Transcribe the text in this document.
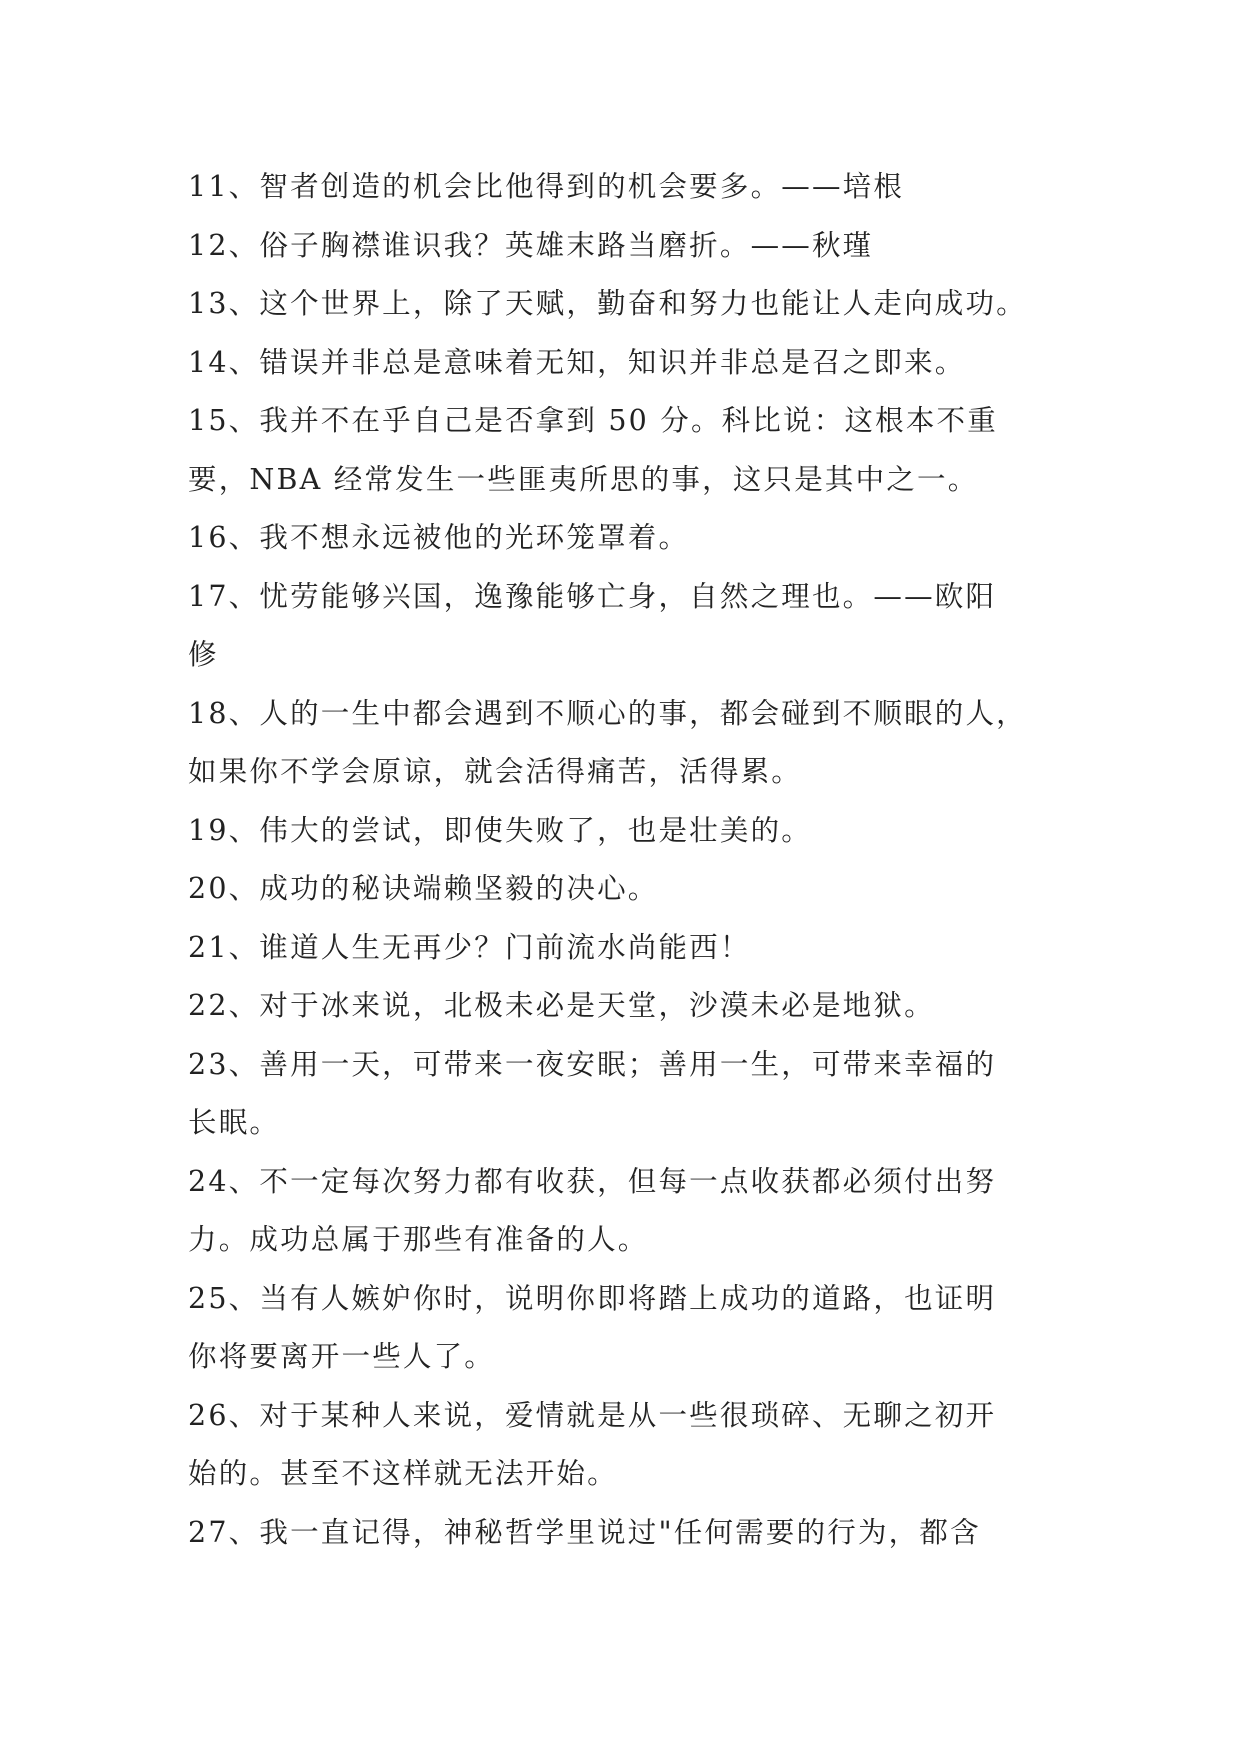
11、智者创造的机会比他得到的机会要多。——培根

12、俗子胸襟谁识我？英雄末路当磨折。——秋瑾

13、这个世界上，除了天赋，勤奋和努力也能让人走向成功。

14、错误并非总是意味着无知，知识并非总是召之即来。

15、我并不在乎自己是否拿到 50 分。科比说：这根本不重

要，NBA 经常发生一些匪夷所思的事，这只是其中之一。

16、我不想永远被他的光环笼罩着。

17、忧劳能够兴国，逸豫能够亡身，自然之理也。——欧阳

修

18、人的一生中都会遇到不顺心的事，都会碰到不顺眼的人，

如果你不学会原谅，就会活得痛苦，活得累。

19、伟大的尝试，即使失败了，也是壮美的。

20、成功的秘诀端赖坚毅的决心。

21、谁道人生无再少？门前流水尚能西！

22、对于冰来说，北极未必是天堂，沙漠未必是地狱。

23、善用一天，可带来一夜安眠；善用一生，可带来幸福的

长眠。

24、不一定每次努力都有收获，但每一点收获都必须付出努

力。成功总属于那些有准备的人。

25、当有人嫉妒你时，说明你即将踏上成功的道路，也证明

你将要离开一些人了。

26、对于某种人来说，爱情就是从一些很琐碎、无聊之初开

始的。甚至不这样就无法开始。

27、我一直记得，神秘哲学里说过"任何需要的行为，都含
